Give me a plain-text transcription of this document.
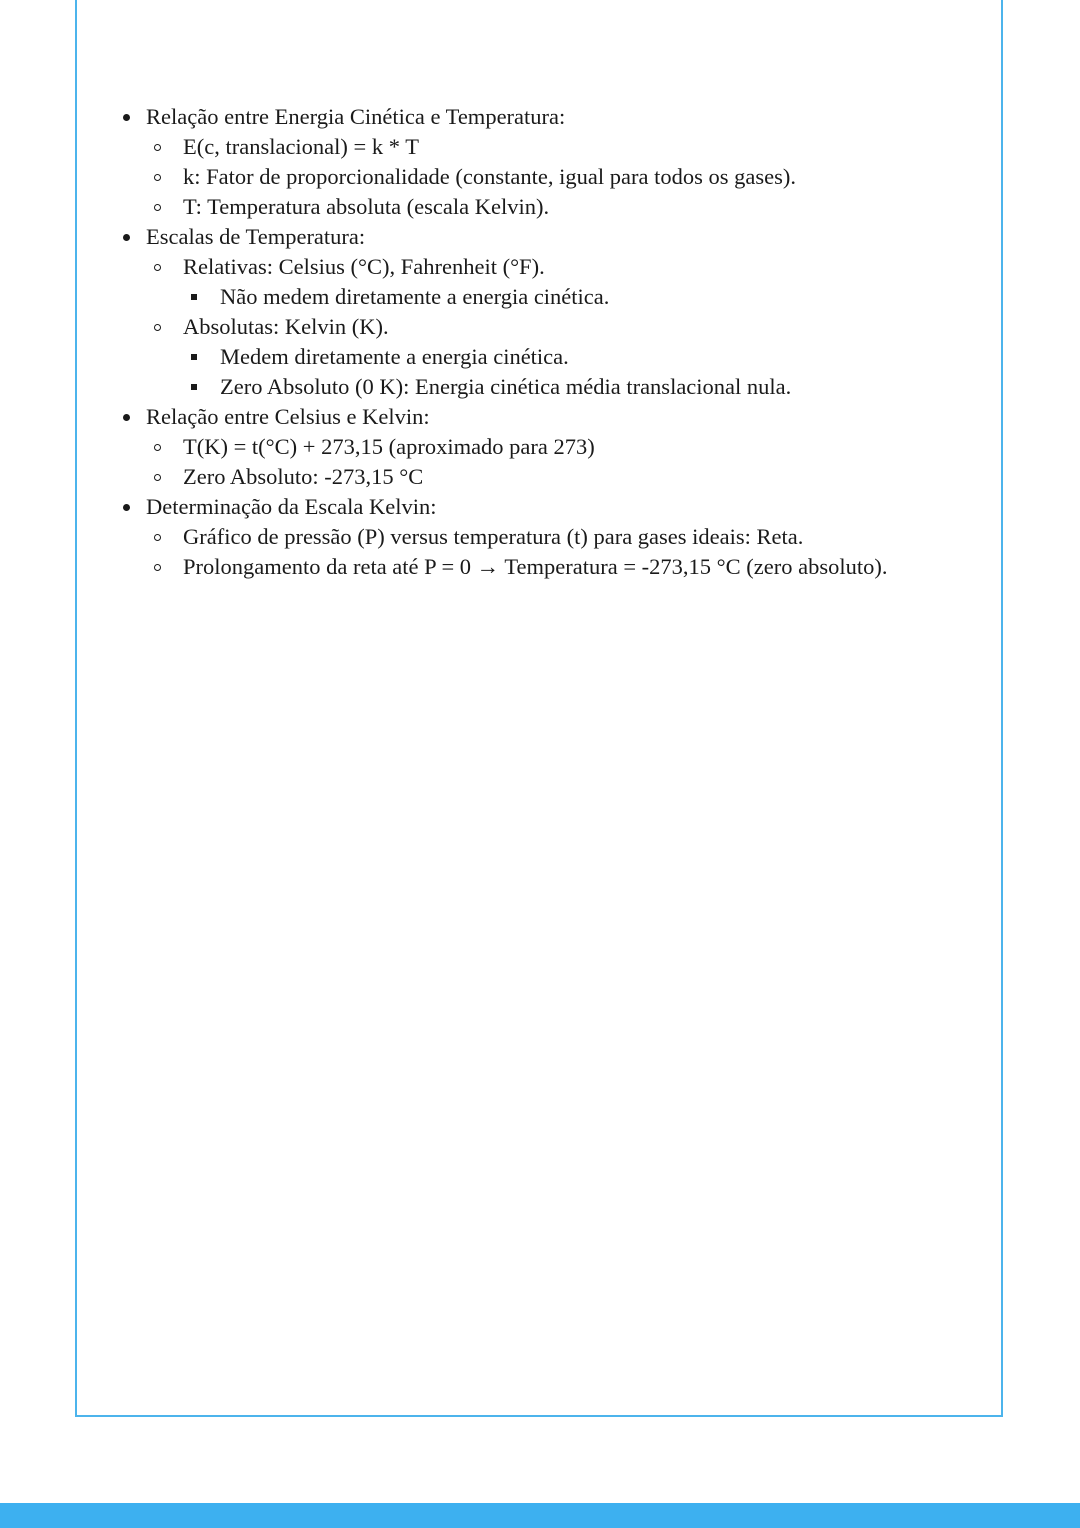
Relação entre Energia Cinética e Temperatura:
E(c, translacional) = k * T
k: Fator de proporcionalidade (constante, igual para todos os gases).
T: Temperatura absoluta (escala Kelvin).
Escalas de Temperatura:
Relativas: Celsius (°C), Fahrenheit (°F).
Não medem diretamente a energia cinética.
Absolutas: Kelvin (K).
Medem diretamente a energia cinética.
Zero Absoluto (0 K): Energia cinética média translacional nula.
Relação entre Celsius e Kelvin:
T(K) = t(°C) + 273,15 (aproximado para 273)
Zero Absoluto: -273,15 °C
Determinação da Escala Kelvin:
Gráfico de pressão (P) versus temperatura (t) para gases ideais: Reta.
Prolongamento da reta até P = 0 → Temperatura = -273,15 °C (zero absoluto).
